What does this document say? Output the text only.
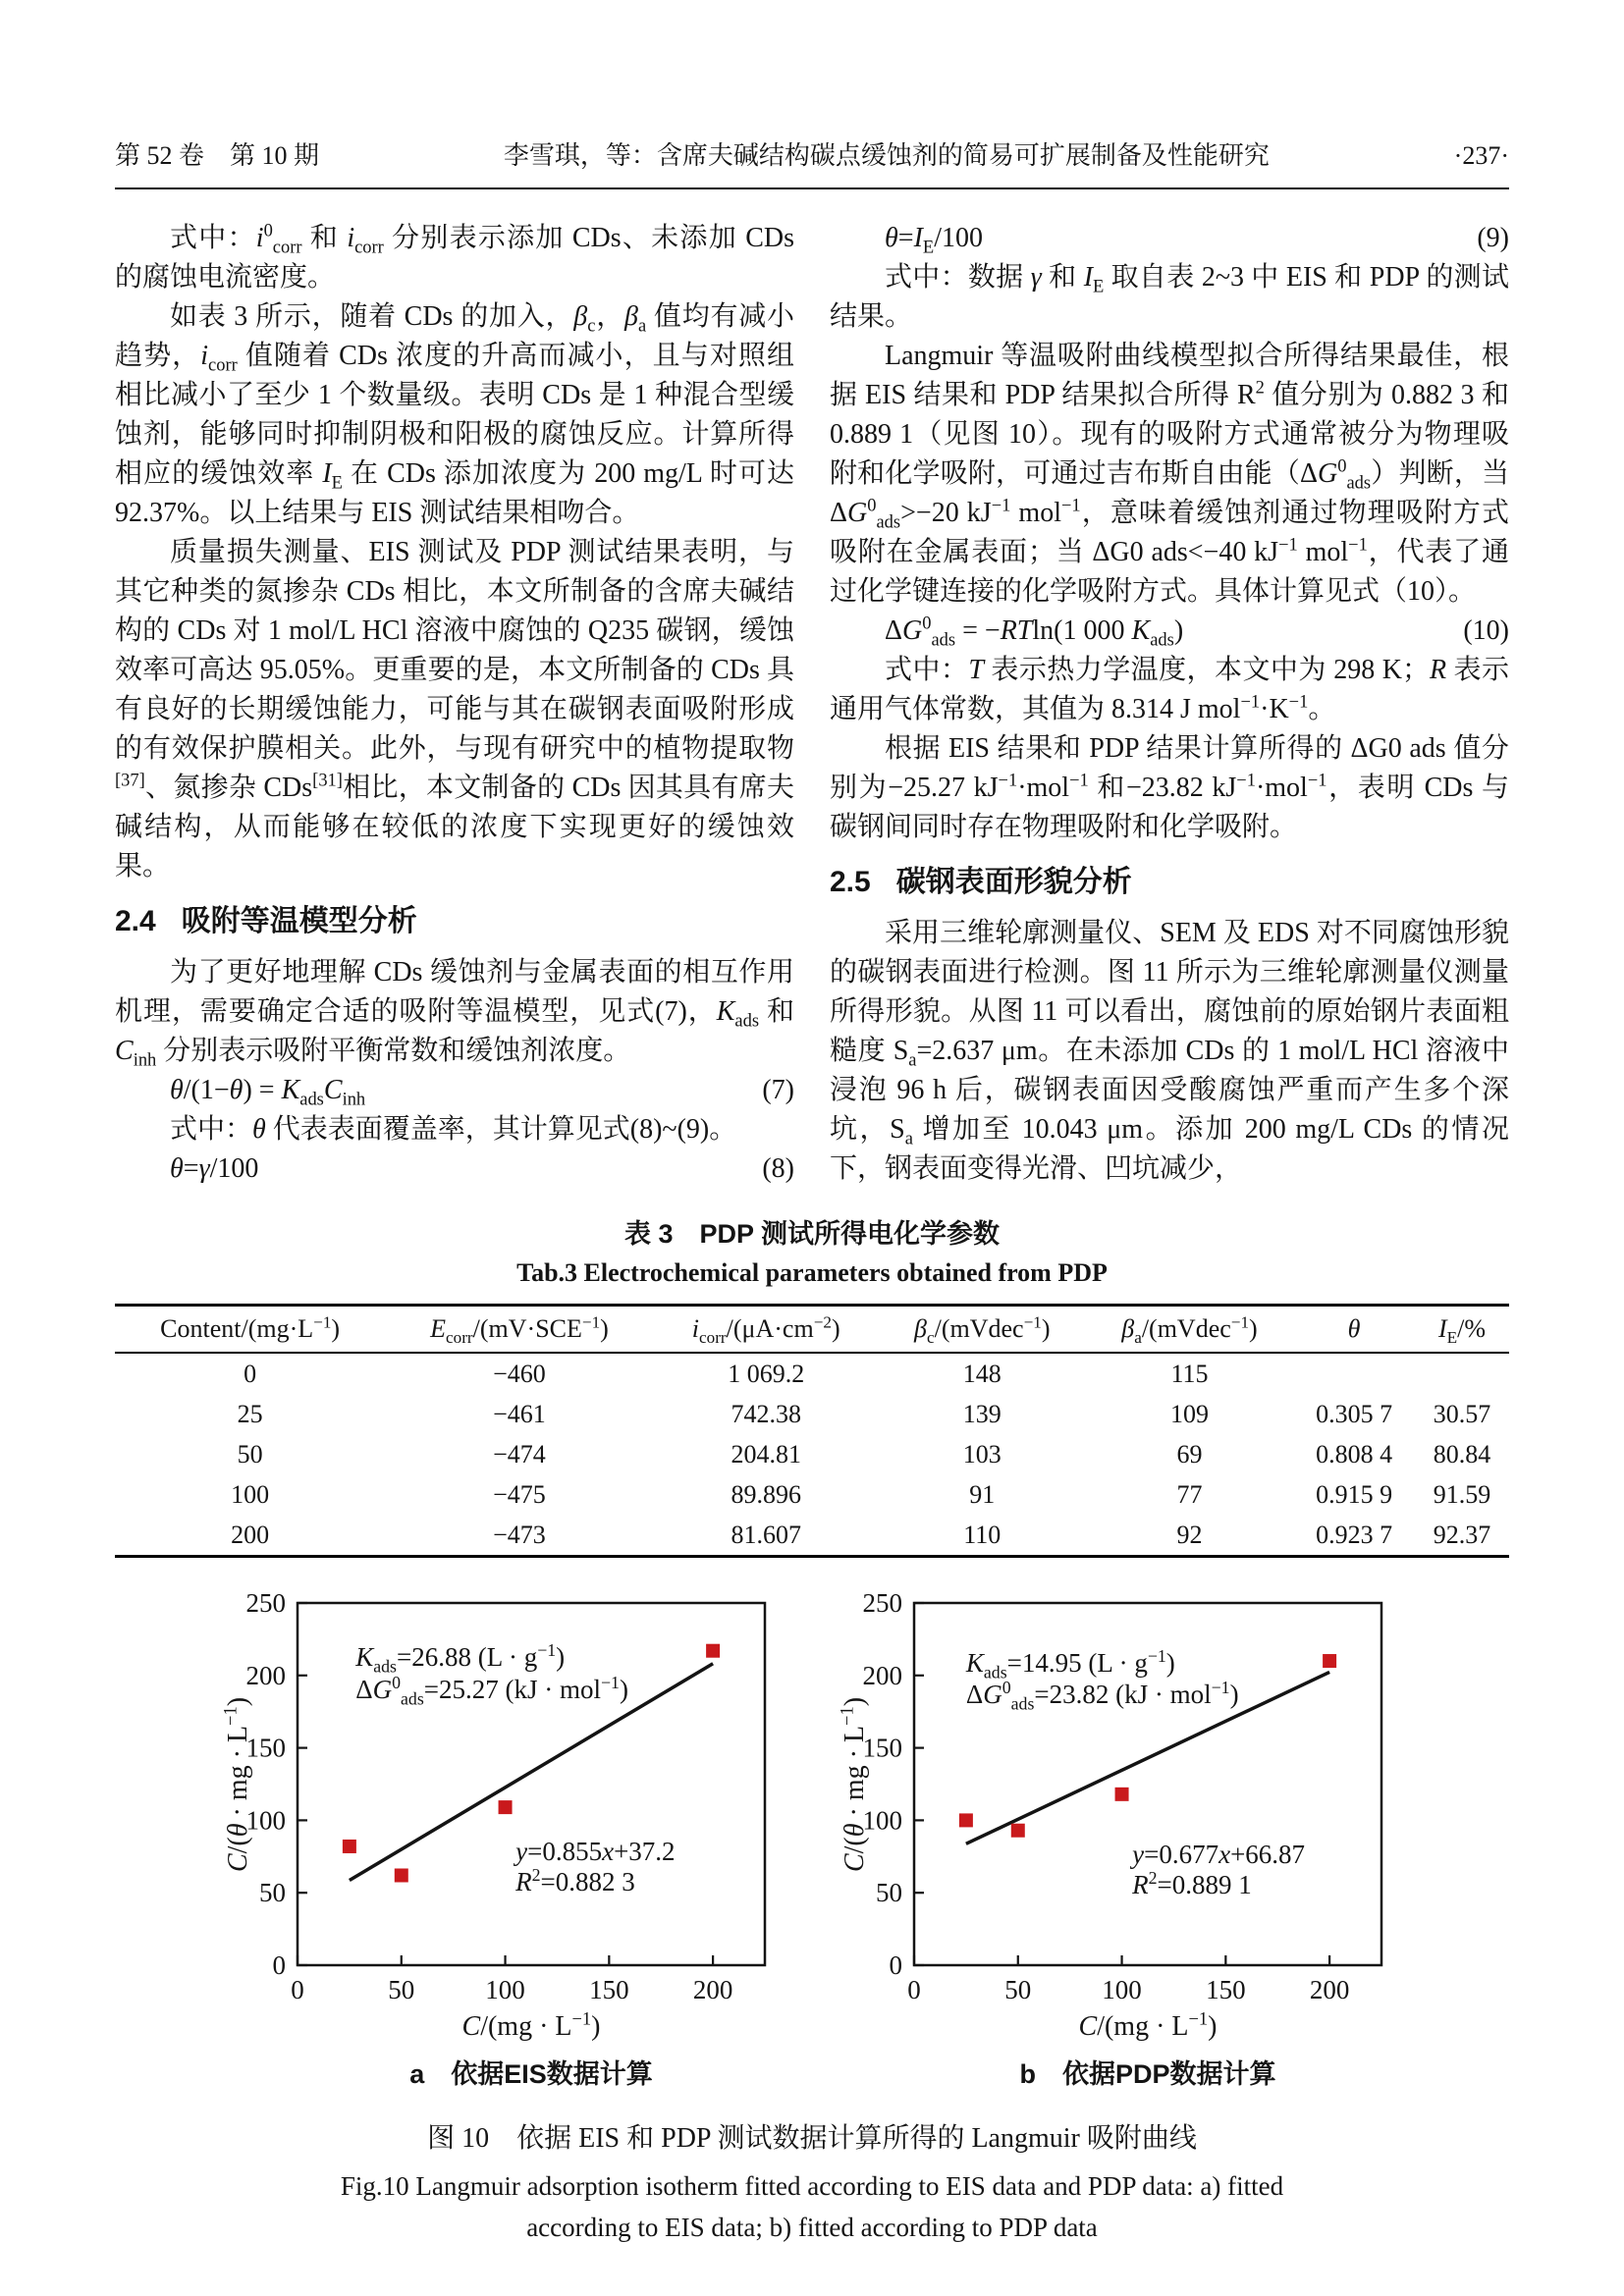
第 52 卷　第 10 期	李雪琪，等：含席夫碱结构碳点缓蚀剂的简易可扩展制备及性能研究	·237·

式中：$i^0_{corr}$ 和 $i_{corr}$ 分别表示添加 CDs、未添加 CDs 的腐蚀电流密度。

如表 3 所示，随着 CDs 的加入，$\beta_c$，$\beta_a$ 值均有减小趋势，$i_{corr}$ 值随着 CDs 浓度的升高而减小，且与对照组相比减小了至少 1 个数量级。表明 CDs 是 1 种混合型缓蚀剂，能够同时抑制阴极和阳极的腐蚀反应。计算所得相应的缓蚀效率 $I_E$ 在 CDs 添加浓度为 200 mg/L 时可达 92.37%。以上结果与 EIS 测试结果相吻合。

质量损失测量、EIS 测试及 PDP 测试结果表明，与其它种类的氮掺杂 CDs 相比，本文所制备的含席夫碱结构的 CDs 对 1 mol/L HCl 溶液中腐蚀的 Q235 碳钢，缓蚀效率可高达 95.05%。更重要的是，本文所制备的 CDs 具有良好的长期缓蚀能力，可能与其在碳钢表面吸附形成的有效保护膜相关。此外，与现有研究中的植物提取物[37]、氮掺杂 CDs[31]相比，本文制备的 CDs 因其具有席夫碱结构，从而能够在较低的浓度下实现更好的缓蚀效果。

2.4 吸附等温模型分析

为了更好地理解 CDs 缓蚀剂与金属表面的相互作用机理，需要确定合适的吸附等温模型，见式(7)，$K_{ads}$ 和 $C_{inh}$ 分别表示吸附平衡常数和缓蚀剂浓度。

$\theta/(1-\theta) = K_{ads}C_{inh}$	(7)

式中：θ 代表表面覆盖率，其计算见式(8)~(9)。

θ=γ/100	(8)
$\theta=I_E/100$	(9)

式中：数据 γ 和 $I_E$ 取自表 2~3 中 EIS 和 PDP 的测试结果。

Langmuir 等温吸附曲线模型拟合所得结果最佳，根据 EIS 结果和 PDP 结果拟合所得 $R^2$ 值分别为 0.882 3 和 0.889 1（见图 10）。现有的吸附方式通常被分为物理吸附和化学吸附，可通过吉布斯自由能$(\Delta G^0_{ads})$判断，当 $\Delta G^0_{ads}>-20$ $kJ^{-1}$ mol$^{-1}$，意味着缓蚀剂通过物理吸附方式吸附在金属表面；当 ΔG0 ads<−40 $kJ^{-1}$ mol$^{-1}$，代表了通过化学键连接的化学吸附方式。具体计算见式（10）。

$\Delta G^0_{ads} = -RTln(1$ 000 $K_{ads}$)	(10)

式中：T 表示热力学温度，本文中为 298 K；R 表示通用气体常数，其值为 8.314 J $mol^{-1}\cdot K^{-1}$。

根据 EIS 结果和 PDP 结果计算所得的 ΔG0 ads 值分别为−25.27 $kJ^{-1}\cdot mol^{-1}$ 和−23.82 $kJ^{-1}\cdot mol^{-1}$，表明 CDs 与碳钢间同时存在物理吸附和化学吸附。

2.5 碳钢表面形貌分析

采用三维轮廓测量仪、SEM 及 EDS 对不同腐蚀形貌的碳钢表面进行检测。图 11 所示为三维轮廓测量仪测量所得形貌。从图 11 可以看出，腐蚀前的原始钢片表面粗糙度 $S_a=2.637$ μm。在未添加 CDs 的 1 mol/L HCl 溶液中浸泡 96 h 后，碳钢表面因受酸腐蚀严重而产生多个深坑，$S_a$ 增加至 10.043 μm。添加 200 mg/L CDs 的情况下，钢表面变得光滑、凹坑减少，

表 3　PDP 测试所得电化学参数
Tab.3 Electrochemical parameters obtained from PDP
Content/$(mg\cdot L^{-1})$	$E_{corr}/(mV\cdot SCE^{-1})$	$i_{corr}/(\mu A\cdot cm^{-2})$	$\beta_c/(mVdec^{-1})$	$\beta_a/(mVdec^{-1})$	θ	$I_E/\%$
0	−460	1 069.2	148	115		
25	−461	742.38	139	109	0.305 7	30.57
50	−474	204.81	103	69	0.808 4	80.84
100	−475	89.896	91	77	0.915 9	91.59
200	−473	81.607	110	92	0.923 7	92.37
0	50	100 150 200
0
50
100
150
200
250
$K_{ads}=26.88$ $(L \cdot g^{-1})$
$\Delta G^0_{ads}=25.27$ (kJ · mol$^{-1}$)
y=0.855x+37.2
$R^2=0.882$ 3
C/(θ · mg · $L^{-1}$)
$C/(mg \cdot L^{-1})$
a　依据EIS数据计算
0	50	100 150 200
0
50
100
150
200
250
$K_{ads}=14.95$ $(L \cdot g^{-1})$
$\Delta G^0_{ads}=23.82$ (kJ · mol$^{-1}$)
y=0.677x+66.87
$R^2=0.889$ 1
C/(θ · mg · $L^{-1}$)
$C/(mg \cdot L^{-1})$
b　依据PDP数据计算
图 10　依据 EIS 和 PDP 测试数据计算所得的 Langmuir 吸附曲线
Fig.10 Langmuir adsorption isotherm fitted according to EIS data and PDP data: a) fitted according to EIS data; b) fitted according to PDP data
